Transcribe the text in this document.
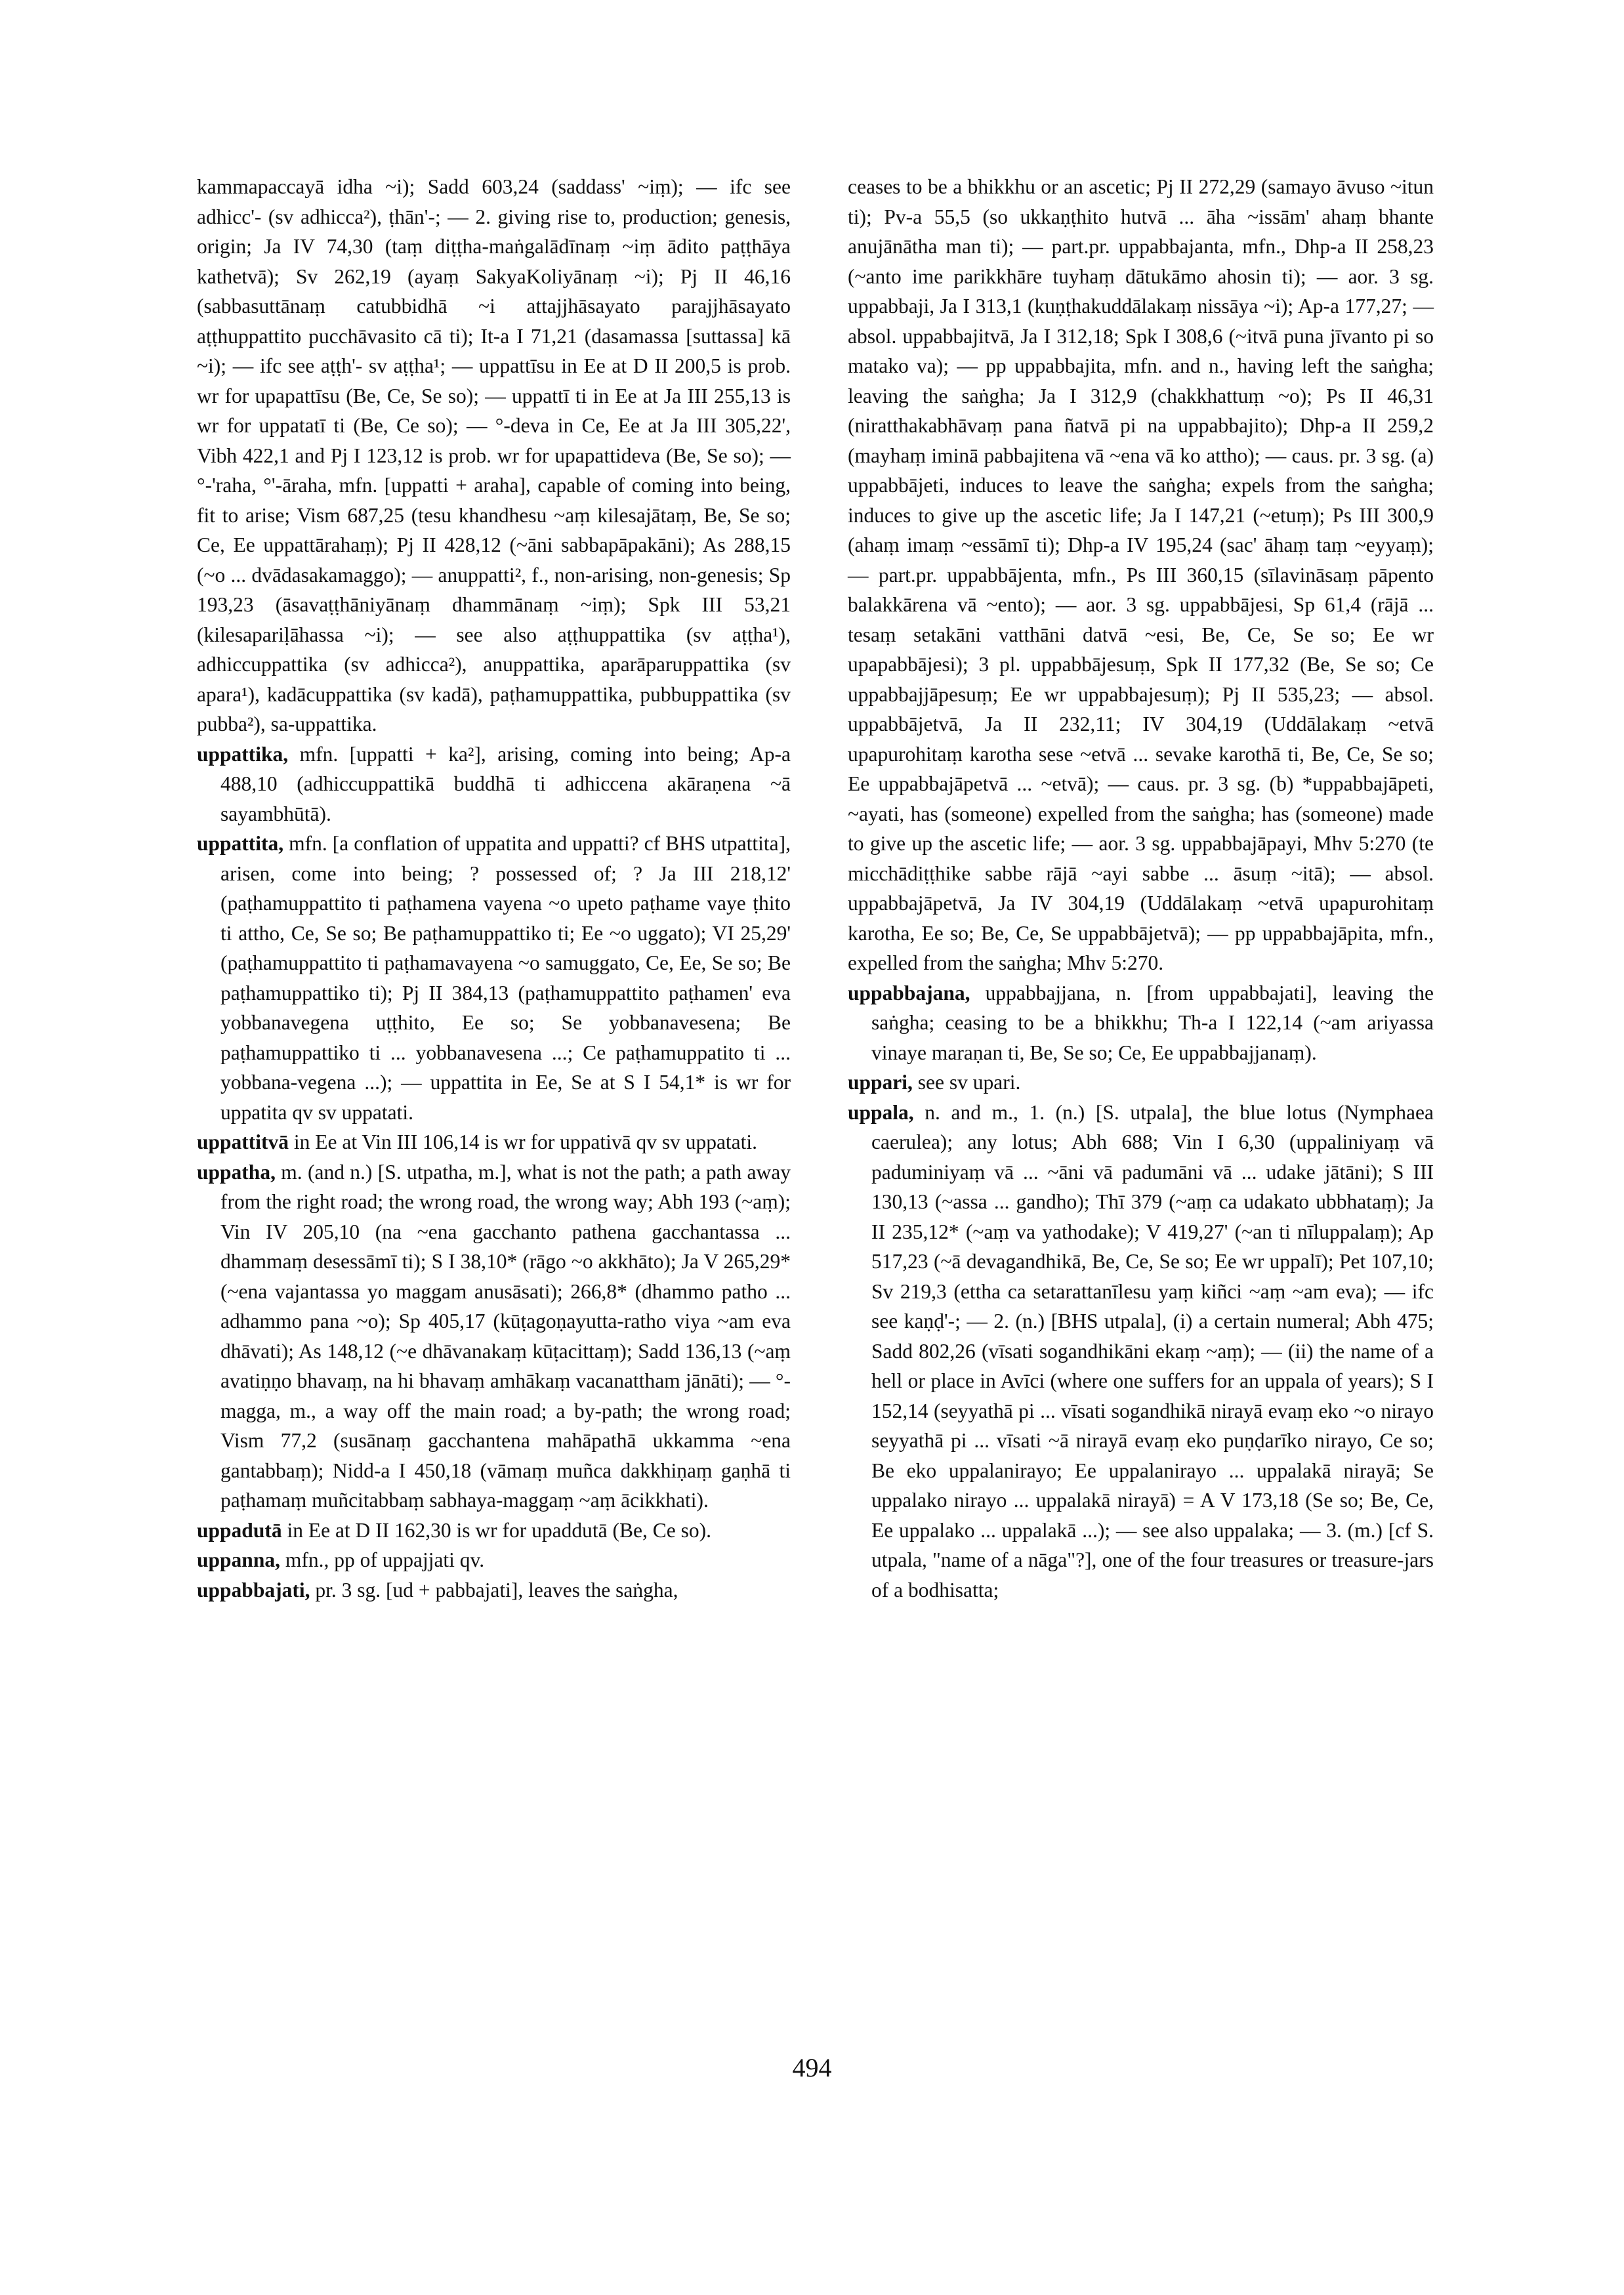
kammapaccayā idha ~i); Sadd 603,24 (saddass' ~iṃ); — ifc see adhicc'- (sv adhicca²), ṭhān'-; — 2. giving rise to, production; genesis, origin; Ja IV 74,30 (taṃ diṭṭha-maṅgalādīnaṃ ~iṃ ādito paṭṭhāya kathetvā); Sv 262,19 (ayaṃ SakyaKoliyānaṃ ~i); Pj II 46,16 (sabbasuttānaṃ catubbidhā ~i attajjhāsayato parajjhāsayato aṭṭhuppattito pucchāvasito cā ti); It-a I 71,21 (dasamassa [suttassa] kā ~i); — ifc see aṭṭh'- sv aṭṭha¹; — uppattīsu in Ee at D II 200,5 is prob. wr for upapattīsu (Be, Ce, Se so); — uppattī ti in Ee at Ja III 255,13 is wr for uppatatī ti (Be, Ce so); — °-deva in Ce, Ee at Ja III 305,22', Vibh 422,1 and Pj I 123,12 is prob. wr for upapattideva (Be, Se so); — °-'raha, °'-āraha, mfn. [uppatti + araha], capable of coming into being, fit to arise; Vism 687,25 (tesu khandhesu ~aṃ kilesajātaṃ, Be, Se so; Ce, Ee uppattārahaṃ); Pj II 428,12 (~āni sabbapāpakāni); As 288,15 (~o ... dvādasakamaggo); — anuppatti², f., non-arising, non-genesis; Sp 193,23 (āsavaṭṭhāniyānaṃ dhammānaṃ ~iṃ); Spk III 53,21 (kilesapariḷāhassa ~i); — see also aṭṭhuppattika (sv aṭṭha¹), adhiccuppattika (sv adhicca²), anuppattika, aparāparuppattika (sv apara¹), kadācuppattika (sv kadā), paṭhamuppattika, pubbuppattika (sv pubba²), sa-uppattika.

uppattika, mfn. [uppatti + ka²], arising, coming into being; Ap-a 488,10 (adhiccuppattikā buddhā ti adhiccena akāraṇena ~ā sayambhūtā).

uppattita, mfn. [a conflation of uppatita and uppatti? cf BHS utpattita], arisen, come into being; ? possessed of; ? Ja III 218,12' (paṭhamuppattito ti paṭhamena vayena ~o upeto paṭhame vaye ṭhito ti attho, Ce, Se so; Be paṭhamuppattiko ti; Ee ~o uggato); VI 25,29' (paṭhamuppattito ti paṭhamavayena ~o samuggato, Ce, Ee, Se so; Be paṭhamuppattiko ti); Pj II 384,13 (paṭhamuppattito paṭhamen' eva yobbanavegena uṭṭhito, Ee so; Se yobbanavesena; Be paṭhamuppattiko ti ... yobbanavesena ...; Ce paṭhamuppatito ti ... yobbana-vegena ...); — uppattita in Ee, Se at S I 54,1* is wr for uppatita qv sv uppatati.

uppattitvā in Ee at Vin III 106,14 is wr for uppativā qv sv uppatati.

uppatha, m. (and n.) [S. utpatha, m.], what is not the path; a path away from the right road; the wrong road, the wrong way; Abh 193 (~aṃ); Vin IV 205,10 (na ~ena gacchanto pathena gacchantassa ... dhammaṃ desessāmī ti); S I 38,10* (rāgo ~o akkhāto); Ja V 265,29* (~ena vajantassa yo maggam anusāsati); 266,8* (dhammo patho ... adhammo pana ~o); Sp 405,17 (kūṭagoṇayutta-ratho viya ~am eva dhāvati); As 148,12 (~e dhāvanakaṃ kūṭacittaṃ); Sadd 136,13 (~aṃ avatiṇṇo bhavaṃ, na hi bhavaṃ amhākaṃ vacanattham jānāti); — °-magga, m., a way off the main road; a by-path; the wrong road; Vism 77,2 (susānaṃ gacchantena mahāpathā ukkamma ~ena gantabbaṃ); Nidd-a I 450,18 (vāmaṃ muñca dakkhiṇaṃ gaṇhā ti paṭhamaṃ muñcitabbaṃ sabhaya-maggaṃ ~aṃ ācikkhati).

uppadutā in Ee at D II 162,30 is wr for upaddutā (Be, Ce so).

uppanna, mfn., pp of uppajjati qv.

uppabbajati, pr. 3 sg. [ud + pabbajati], leaves the saṅgha,

ceases to be a bhikkhu or an ascetic; Pj II 272,29 (samayo āvuso ~itun ti); Pv-a 55,5 (so ukkaṇṭhito hutvā ... āha ~issām' ahaṃ bhante anujānātha man ti); — part.pr. uppabbajanta, mfn., Dhp-a II 258,23 (~anto ime parikkhāre tuyhaṃ dātukāmo ahosin ti); — aor. 3 sg. uppabbaji, Ja I 313,1 (kuṇṭhakuddālakaṃ nissāya ~i); Ap-a 177,27; — absol. uppabbajitvā, Ja I 312,18; Spk I 308,6 (~itvā puna jīvanto pi so matako va); — pp uppabbajita, mfn. and n., having left the saṅgha; leaving the saṅgha; Ja I 312,9 (chakkhattuṃ ~o); Ps II 46,31 (niratthakabhāvaṃ pana ñatvā pi na uppabbajito); Dhp-a II 259,2 (mayhaṃ iminā pabbajitena vā ~ena vā ko attho); — caus. pr. 3 sg. (a) uppabbājeti, induces to leave the saṅgha; expels from the saṅgha; induces to give up the ascetic life; Ja I 147,21 (~etuṃ); Ps III 300,9 (ahaṃ imaṃ ~essāmī ti); Dhp-a IV 195,24 (sac' āhaṃ taṃ ~eyyaṃ); — part.pr. uppabbājenta, mfn., Ps III 360,15 (sīlavināsaṃ pāpento balakkārena vā ~ento); — aor. 3 sg. uppabbājesi, Sp 61,4 (rājā ... tesaṃ setakāni vatthāni datvā ~esi, Be, Ce, Se so; Ee wr upapabbājesi); 3 pl. uppabbājesuṃ, Spk II 177,32 (Be, Se so; Ce uppabbajjāpesuṃ; Ee wr uppabbajesuṃ); Pj II 535,23; — absol. uppabbājetvā, Ja II 232,11; IV 304,19 (Uddālakaṃ ~etvā upapurohitaṃ karotha sese ~etvā ... sevake karothā ti, Be, Ce, Se so; Ee uppabbajāpetvā ... ~etvā); — caus. pr. 3 sg. (b) *uppabbajāpeti, ~ayati, has (someone) expelled from the saṅgha; has (someone) made to give up the ascetic life; — aor. 3 sg. uppabbajāpayi, Mhv 5:270 (te micchādiṭṭhike sabbe rājā ~ayi sabbe ... āsuṃ ~itā); — absol. uppabbajāpetvā, Ja IV 304,19 (Uddālakaṃ ~etvā upapurohitaṃ karotha, Ee so; Be, Ce, Se uppabbājetvā); — pp uppabbajāpita, mfn., expelled from the saṅgha; Mhv 5:270.

uppabbajana, uppabbajjana, n. [from uppabbajati], leaving the saṅgha; ceasing to be a bhikkhu; Th-a I 122,14 (~am ariyassa vinaye maraṇan ti, Be, Se so; Ce, Ee uppabbajjanaṃ).

uppari, see sv upari.

uppala, n. and m., 1. (n.) [S. utpala], the blue lotus (Nymphaea caerulea); any lotus; Abh 688; Vin I 6,30 (uppaliniyaṃ vā paduminiyaṃ vā ... ~āni vā padumāni vā ... udake jātāni); S III 130,13 (~assa ... gandho); Thī 379 (~aṃ ca udakato ubbhataṃ); Ja II 235,12* (~aṃ va yathodake); V 419,27' (~an ti nīluppalaṃ); Ap 517,23 (~ā devagandhikā, Be, Ce, Se so; Ee wr uppalī); Pet 107,10; Sv 219,3 (ettha ca setarattanīlesu yaṃ kiñci ~aṃ ~am eva); — ifc see kaṇḍ'-; — 2. (n.) [BHS utpala], (i) a certain numeral; Abh 475; Sadd 802,26 (vīsati sogandhikāni ekaṃ ~aṃ); — (ii) the name of a hell or place in Avīci (where one suffers for an uppala of years); S I 152,14 (seyyathā pi ... vīsati sogandhikā nirayā evaṃ eko ~o nirayo seyyathā pi ... vīsati ~ā nirayā evaṃ eko puṇḍarīko nirayo, Ce so; Be eko uppalanirayo; Ee uppalanirayo ... uppalakā nirayā; Se uppalako nirayo ... uppalakā nirayā) = A V 173,18 (Se so; Be, Ce, Ee uppalako ... uppalakā ...); — see also uppalaka; — 3. (m.) [cf S. utpala, "name of a nāga"?], one of the four treasures or treasure-jars of a bodhisatta;

494
